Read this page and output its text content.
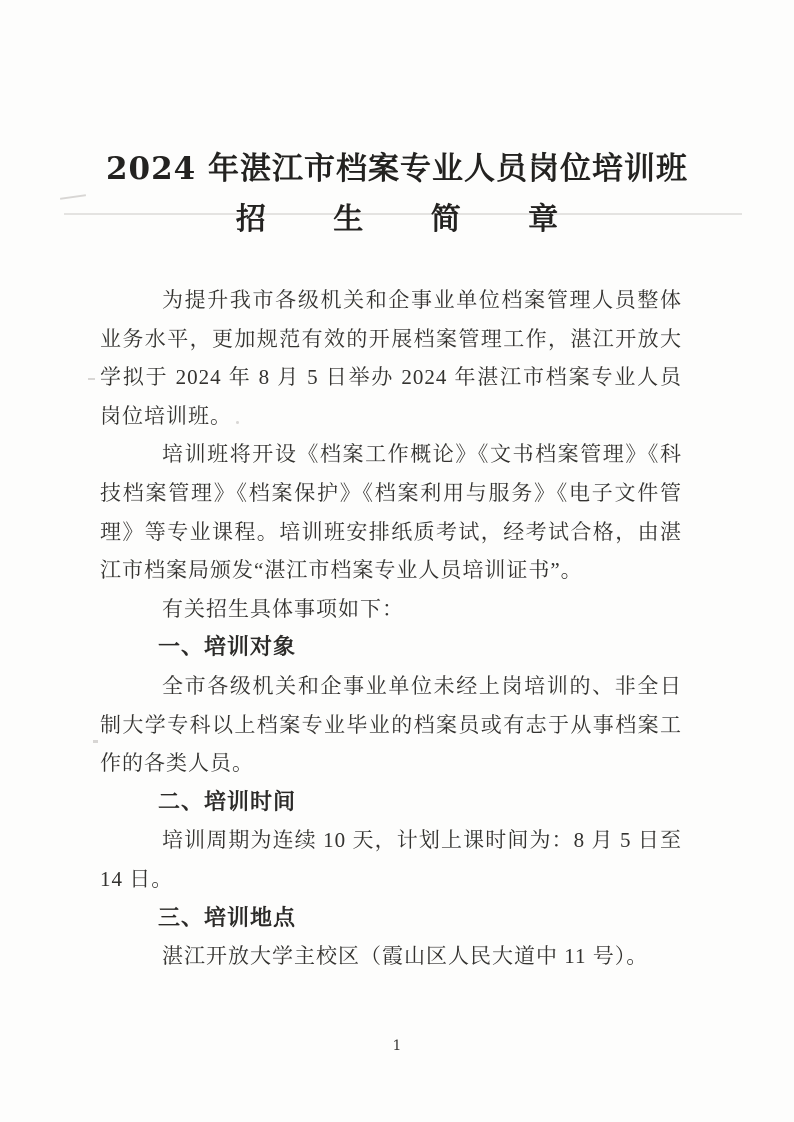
2024 年湛江市档案专业人员岗位培训班
招 生 简 章

为提升我市各级机关和企事业单位档案管理人员整体业务水平，更加规范有效的开展档案管理工作，湛江开放大学拟于 2024 年 8 月 5 日举办 2024 年湛江市档案专业人员岗位培训班。

培训班将开设《档案工作概论》《文书档案管理》《科技档案管理》《档案保护》《档案利用与服务》《电子文件管理》等专业课程。培训班安排纸质考试，经考试合格，由湛江市档案局颁发“湛江市档案专业人员培训证书”。

有关招生具体事项如下：

一、培训对象

全市各级机关和企事业单位未经上岗培训的、非全日制大学专科以上档案专业毕业的档案员或有志于从事档案工作的各类人员。

二、培训时间

培训周期为连续 10 天，计划上课时间为：8 月 5 日至 14 日。

三、培训地点

湛江开放大学主校区（霞山区人民大道中 11 号）。

1
